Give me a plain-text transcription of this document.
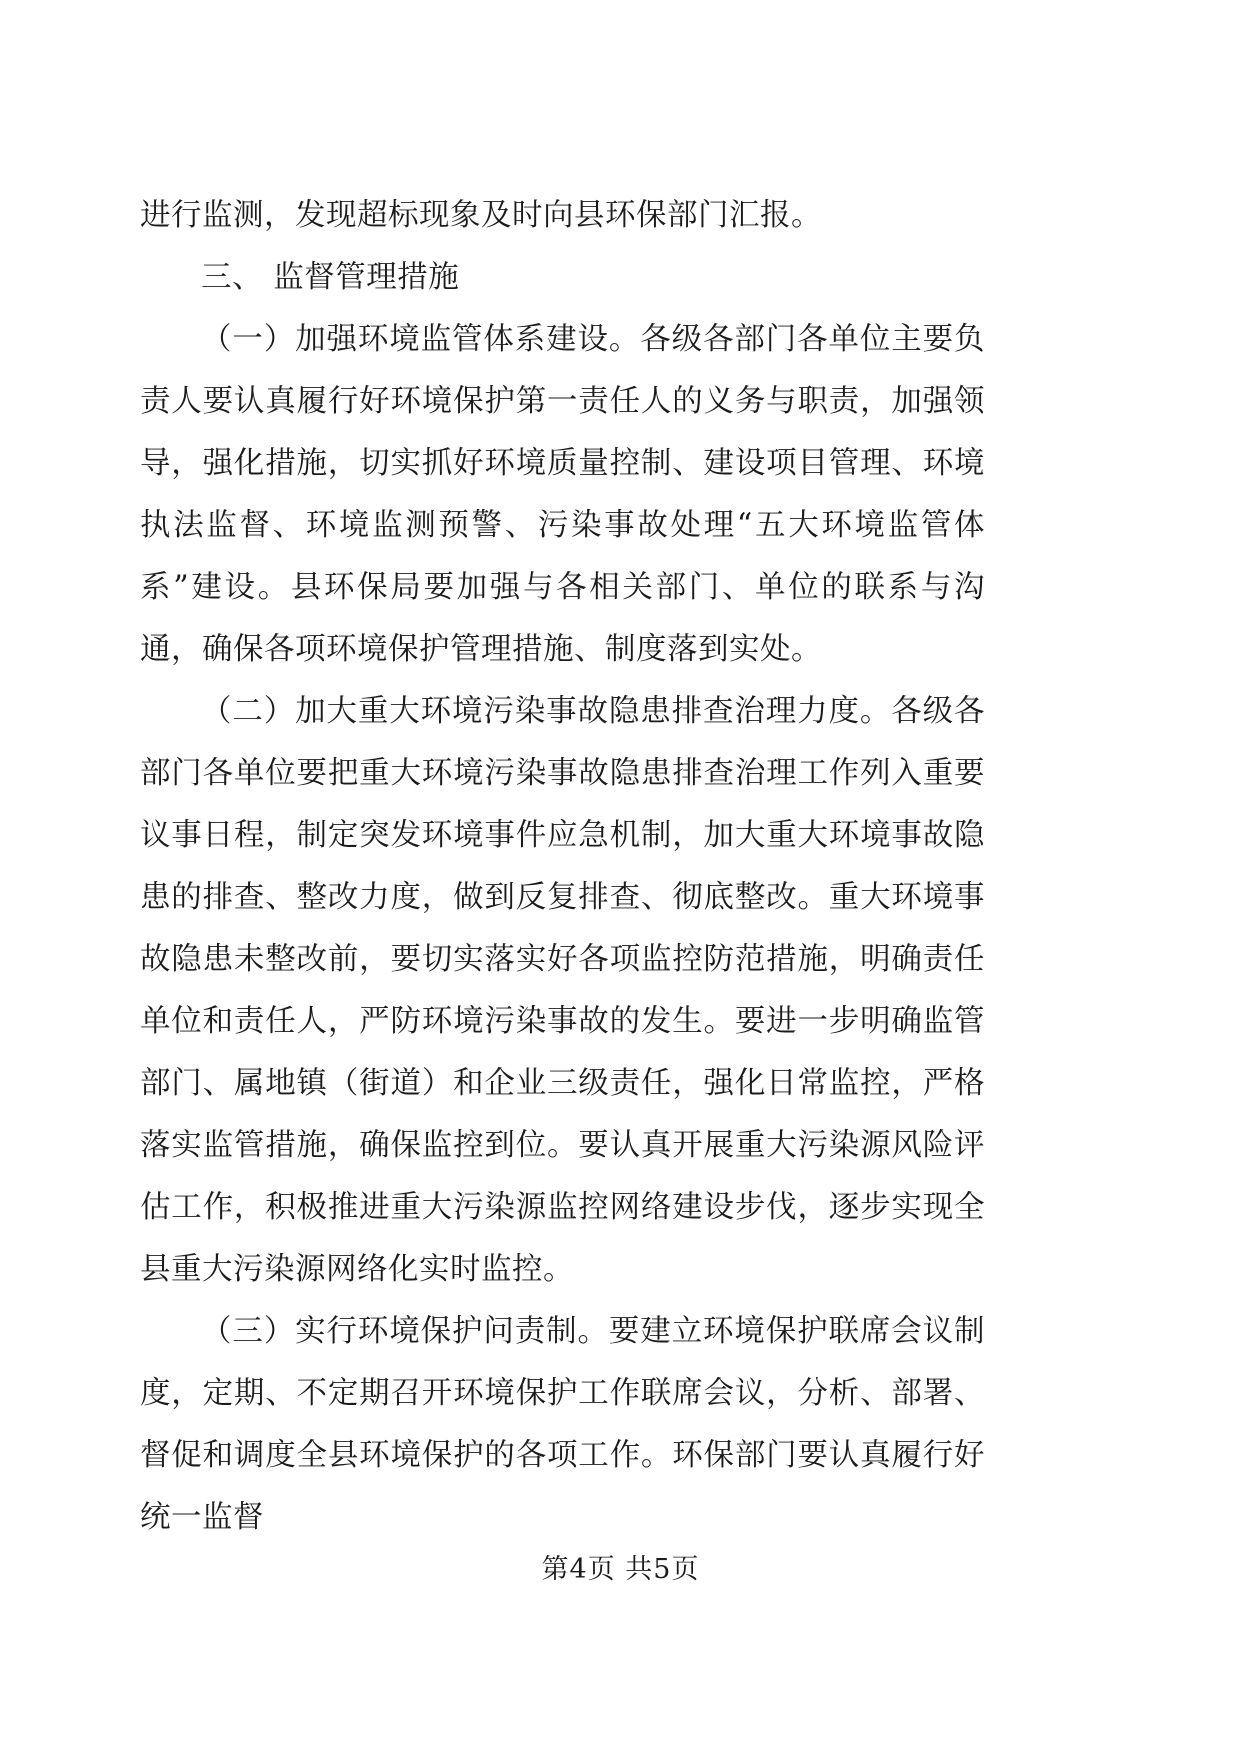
进行监测，发现超标现象及时向县环保部门汇报。

三、 监督管理措施

（一）加强环境监管体系建设。各级各部门各单位主要负责人要认真履行好环境保护第一责任人的义务与职责，加强领导，强化措施，切实抓好环境质量控制、建设项目管理、环境执法监督、环境监测预警、污染事故处理“五大环境监管体系”建设。县环保局要加强与各相关部门、单位的联系与沟通，确保各项环境保护管理措施、制度落到实处。

（二）加大重大环境污染事故隐患排查治理力度。各级各部门各单位要把重大环境污染事故隐患排查治理工作列入重要议事日程，制定突发环境事件应急机制，加大重大环境事故隐患的排查、整改力度，做到反复排查、彻底整改。重大环境事故隐患未整改前，要切实落实好各项监控防范措施，明确责任单位和责任人，严防环境污染事故的发生。要进一步明确监管部门、属地镇（街道）和企业三级责任，强化日常监控，严格落实监管措施，确保监控到位。要认真开展重大污染源风险评估工作，积极推进重大污染源监控网络建设步伐，逐步实现全县重大污染源网络化实时监控。

（三）实行环境保护问责制。要建立环境保护联席会议制度，定期、不定期召开环境保护工作联席会议，分析、部署、督促和调度全县环境保护的各项工作。环保部门要认真履行好统一监督

第4页 共5页
